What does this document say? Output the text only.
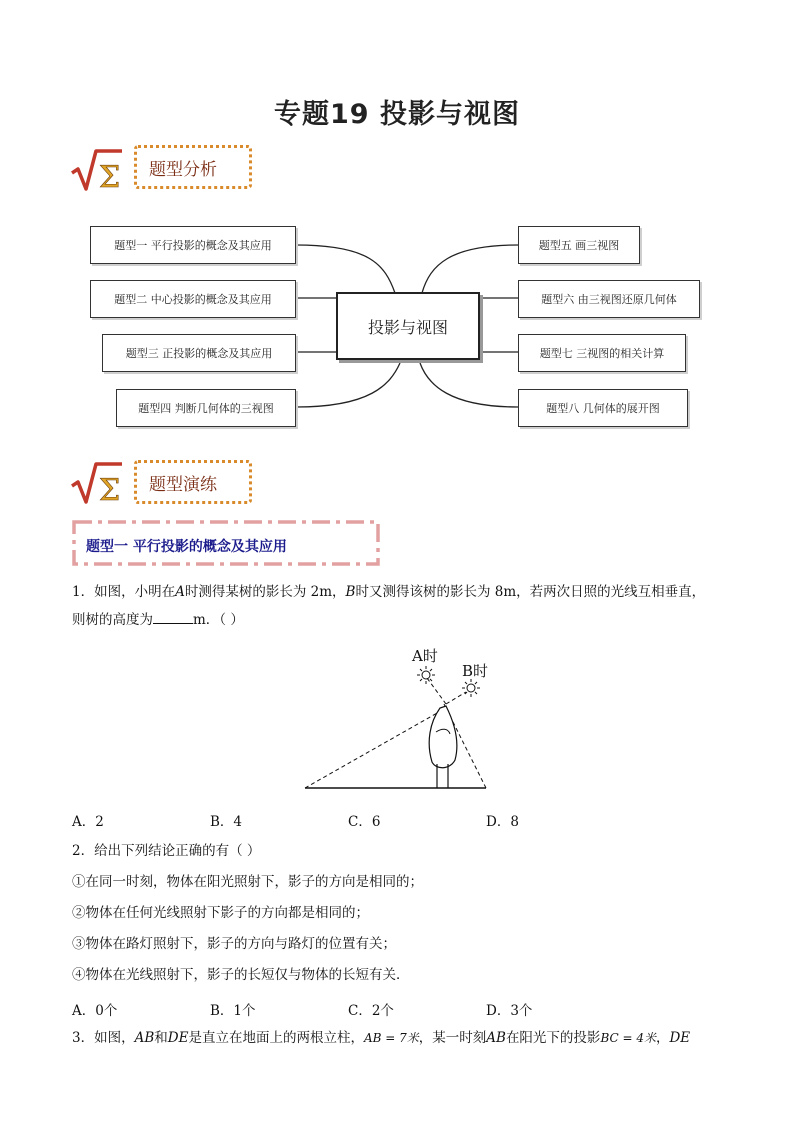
专题19 投影与视图
Σ 题型分析
题型一 平行投影的概念及其应用
题型二 中心投影的概念及其应用
题型三 正投影的概念及其应用
题型四 判断几何体的三视图
投影与视图
题型五 画三视图
题型六 由三视图还原几何体
题型七 三视图的相关计算
题型八 几何体的展开图
Σ 题型演练
题型一 平行投影的概念及其应用
1．如图，小明在A时测得某树的影长为 2m，B时又测得该树的影长为 8m，若两次日照的光线互相垂直，
则树的高度为	m．（ ）
A时
B时
A．2	B．4	C．6	D．8
2．给出下列结论正确的有（ ）
①在同一时刻，物体在阳光照射下，影子的方向是相同的；
②物体在任何光线照射下影子的方向都是相同的；
③物体在路灯照射下，影子的方向与路灯的位置有关；
④物体在光线照射下，影子的长短仅与物体的长短有关．
A．0个	B．1个	C．2个	D．3个
3．如图，AB和DE是直立在地面上的两根立柱，AB = 7米，某一时刻AB在阳光下的投影BC = 4米，DE
